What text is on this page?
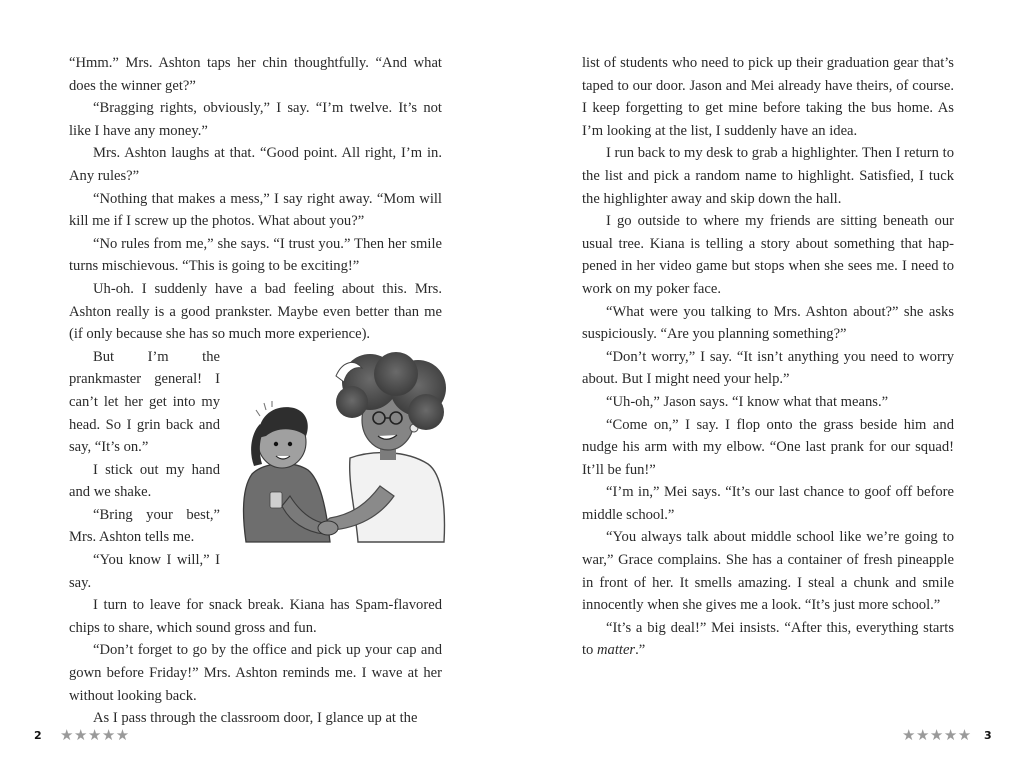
“Hmm.” Mrs. Ashton taps her chin thoughtfully. “And what does the winner get?”

“Bragging rights, obviously,” I say. “I’m twelve. It’s not like I have any money.”

Mrs. Ashton laughs at that. “Good point. All right, I’m in. Any rules?”

“Nothing that makes a mess,” I say right away. “Mom will kill me if I screw up the photos. What about you?”

“No rules from me,” she says. “I trust you.” Then her smile turns mischievous. “This is going to be exciting!”

Uh-oh. I suddenly have a bad feeling about this. Mrs. Ashton really is a good prankster. Maybe even better than me (if only because she has so much more experience).

But I’m the prankmaster general! I can’t let her get into my head. So I grin back and say, “It’s on.”

I stick out my hand and we shake.

“Bring your best,” Mrs. Ashton tells me.

“You know I will,” I say.

I turn to leave for snack break. Kiana has Spam-flavored chips to share, which sound gross and fun.

“Don’t forget to go by the office and pick up your cap and gown before Friday!” Mrs. Ashton reminds me. I wave at her without looking back.

As I pass through the classroom door, I glance up at the

2 ★★★★★

list of students who need to pick up their graduation gear that’s taped to our door. Jason and Mei already have theirs, of course. I keep forgetting to get mine before taking the bus home. As I’m looking at the list, I suddenly have an idea.

I run back to my desk to grab a highlighter. Then I return to the list and pick a random name to highlight. Satisfied, I tuck the highlighter away and skip down the hall.

I go outside to where my friends are sitting beneath our usual tree. Kiana is telling a story about something that happened in her video game but stops when she sees me. I need to work on my poker face.

“What were you talking to Mrs. Ashton about?” she asks suspiciously. “Are you planning something?”

“Don’t worry,” I say. “It isn’t anything you need to worry about. But I might need your help.”

“Uh-oh,” Jason says. “I know what that means.”

“Come on,” I say. I flop onto the grass beside him and nudge his arm with my elbow. “One last prank for our squad! It’ll be fun!”

“I’m in,” Mei says. “It’s our last chance to goof off before middle school.”

“You always talk about middle school like we’re going to war,” Grace complains. She has a container of fresh pineapple in front of her. It smells amazing. I steal a chunk and smile innocently when she gives me a look. “It’s just more school.”

“It’s a big deal!” Mei insists. “After this, everything starts to matter.”

★★★★★ 3
